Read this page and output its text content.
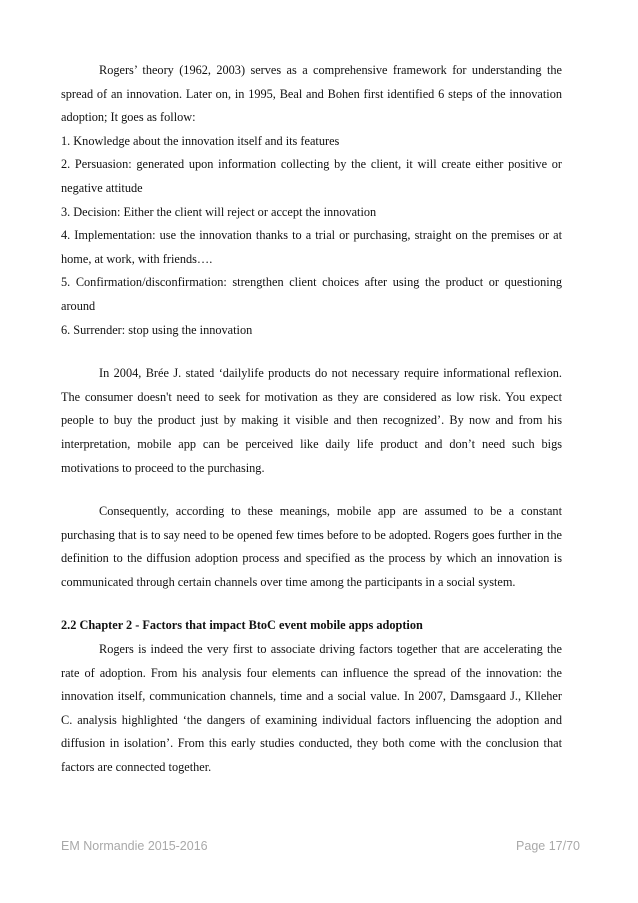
Rogers’ theory (1962, 2003) serves as a comprehensive framework for understanding the spread of an innovation. Later on, in 1995, Beal and Bohen first identified 6 steps of the innovation adoption; It goes as follow:

1. Knowledge about the innovation itself and its features

2. Persuasion: generated upon information collecting by the client, it will create either positive or negative attitude

3. Decision: Either the client will reject or accept the innovation

4. Implementation: use the innovation thanks to a trial or purchasing, straight on the premises or at home, at work, with friends….

5. Confirmation/disconfirmation: strengthen client choices after using the product or questioning around

6. Surrender: stop using the innovation

In 2004, Brée J. stated ‘dailylife products do not necessary require informational reflexion. The consumer doesn't need to seek for motivation as they are considered as low risk. You expect people to buy the product just by making it visible and then recognized’. By now and from his interpretation, mobile app can be perceived like daily life product and don’t need such bigs motivations to proceed to the purchasing.

Consequently, according to these meanings, mobile app are assumed to be a constant purchasing that is to say need to be opened few times before to be adopted. Rogers goes further in the definition to the diffusion adoption process and specified as the process by which an innovation is communicated through certain channels over time among the participants in a social system.

2.2 Chapter 2 - Factors that impact BtoC event mobile apps adoption

Rogers is indeed the very first to associate driving factors together that are accelerating the rate of adoption. From his analysis four elements can influence the spread of the innovation: the innovation itself, communication channels, time and a social value. In 2007, Damsgaard J., Klleher C. analysis highlighted ‘the dangers of examining individual factors influencing the adoption and diffusion in isolation’. From this early studies conducted, they both come with the conclusion that factors are connected together.

EM Normandie 2015-2016	Page 17/70
